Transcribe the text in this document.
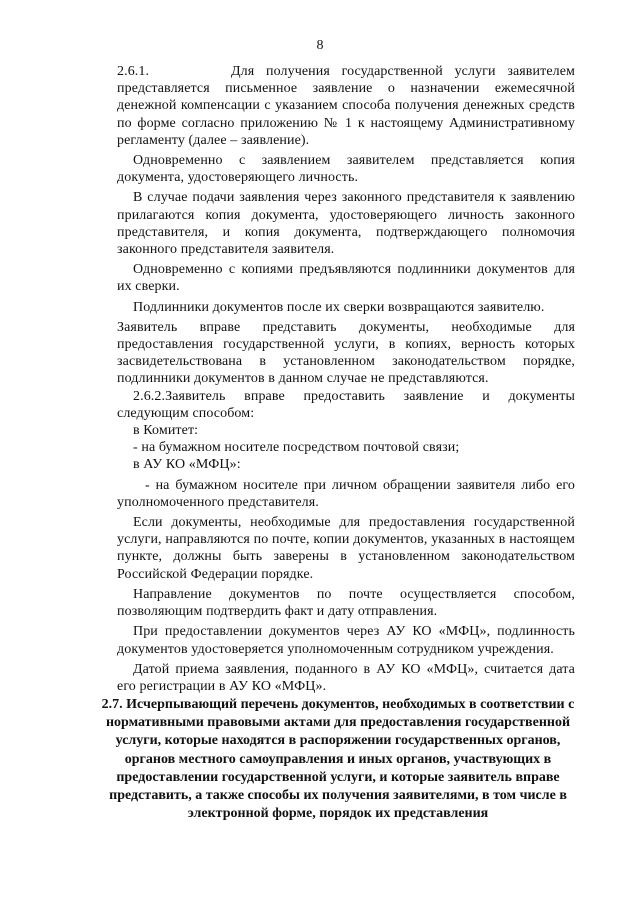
8

2.6.1.       Для получения государственной услуги заявителем представляется письменное заявление о назначении ежемесячной денежной компенсации с указанием способа получения денежных средств по форме согласно приложению № 1 к настоящему Административному регламенту (далее – заявление).

Одновременно с заявлением заявителем представляется копия документа, удостоверяющего личность.

В случае подачи заявления через законного представителя к заявлению прилагаются копия документа, удостоверяющего личность законного представителя, и копия документа, подтверждающего полномочия законного представителя заявителя.

Одновременно с копиями предъявляются подлинники документов для их сверки.

Подлинники документов после их сверки возвращаются заявителю.

Заявитель вправе представить документы, необходимые для предоставления государственной услуги, в копиях, верность которых засвидетельствована в установленном законодательством порядке, подлинники документов в данном случае не представляются.

2.6.2.Заявитель вправе предоставить заявление и документы следующим способом:

в Комитет:

- на бумажном носителе посредством почтовой связи;

в АУ КО «МФЦ»:

- на бумажном носителе при личном обращении заявителя либо его уполномоченного представителя.

Если документы, необходимые для предоставления государственной услуги, направляются по почте, копии документов, указанных в настоящем пункте, должны быть заверены в установленном законодательством Российской Федерации порядке.

Направление документов по почте осуществляется способом, позволяющим подтвердить факт и дату отправления.

При предоставлении документов через АУ КО «МФЦ», подлинность документов удостоверяется уполномоченным сотрудником учреждения.

Датой приема заявления, поданного в АУ КО «МФЦ», считается дата его регистрации в АУ КО «МФЦ».

2.7. Исчерпывающий перечень документов, необходимых в соответствии с нормативными правовыми актами для предоставления государственной услуги, которые находятся в распоряжении государственных органов, органов местного самоуправления и иных органов, участвующих в предоставлении государственной услуги, и которые заявитель вправе представить, а также способы их получения заявителями, в том числе в электронной форме, порядок их представления
